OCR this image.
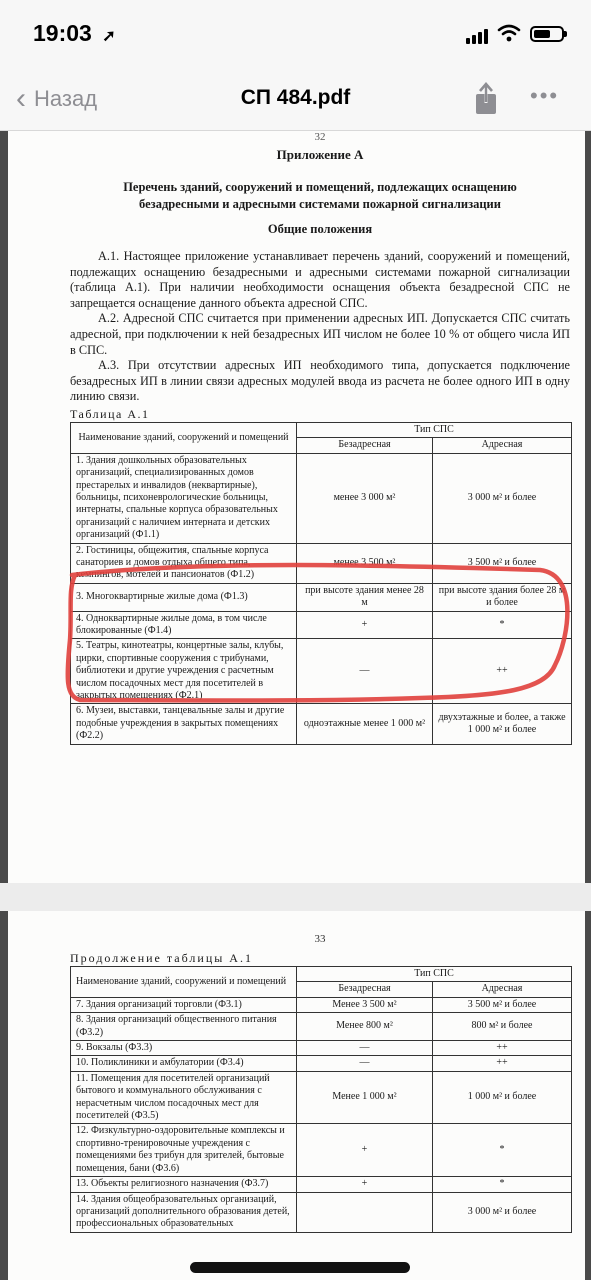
19:03 ➚
‹ Назад	СП 484.pdf	•••
32
Приложение А
Перечень зданий, сооружений и помещений, подлежащих оснащению
безадресными и адресными системами пожарной сигнализации
Общие положения
А.1. Настоящее приложение устанавливает перечень зданий, сооружений и помещений, подлежащих оснащению безадресными и адресными системами пожарной сигнализации (таблица А.1). При наличии необходимости оснащения объекта безадресной СПС не запрещается оснащение данного объекта адресной СПС.
А.2. Адресной СПС считается при применении адресных ИП. Допускается СПС считать адресной, при подключении к ней безадресных ИП числом не более 10 % от общего числа ИП в СПС.
А.3. При отсутствии адресных ИП необходимого типа, допускается подключение безадресных ИП в линии связи адресных модулей ввода из расчета не более одного ИП в одну линию связи.
Таблица А.1
Наименование зданий, сооружений и помещений	Тип СПС	
	Безадресная	Адресная
1. Здания дошкольных образовательных организаций, специализированных домов престарелых и инвалидов (неквартирные), больницы, психоневрологические больницы, интернаты, спальные корпуса образовательных организаций с наличием интерната и детских организаций (Ф1.1)	менее 3 000 м²	3 000 м² и более
2. Гостиницы, общежития, спальные корпуса санаториев и домов отдыха общего типа, кемпингов, мотелей и пансионатов (Ф1.2)	менее 3 500 м²	3 500 м² и более
3. Многоквартирные жилые дома (Ф1.3)	при высоте здания менее 28 м	при высоте здания более 28 м и более
4. Одноквартирные жилые дома, в том числе блокированные (Ф1.4)	+	*
5. Театры, кинотеатры, концертные залы, клубы, цирки, спортивные сооружения с трибунами, библиотеки и другие учреждения с расчетным числом посадочных мест для посетителей в закрытых помещениях (Ф2.1)	—	++
6. Музеи, выставки, танцевальные залы и другие подобные учреждения в закрытых помещениях (Ф2.2)	одноэтажные менее 1 000 м²	двухэтажные и более, а также 1 000 м² и более
33
Продолжение таблицы А.1
Наименование зданий, сооружений и помещений	Тип СПС	
	Безадресная	Адресная
7. Здания организаций торговли (Ф3.1)	Менее 3 500 м²	3 500 м² и более
8. Здания организаций общественного питания (Ф3.2)	Менее 800 м²	800 м² и более
9. Вокзалы (Ф3.3)	—	++
10. Поликлиники и амбулатории (Ф3.4)	—	++
11. Помещения для посетителей организаций бытового и коммунального обслуживания с нерасчетным числом посадочных мест для посетителей (Ф3.5)	Менее 1 000 м²	1 000 м² и более
12. Физкультурно-оздоровительные комплексы и спортивно-тренировочные учреждения с помещениями без трибун для зрителей, бытовые помещения, бани (Ф3.6)	+	*
13. Объекты религиозного назначения (Ф3.7)	+	*
14. Здания общеобразовательных организаций, организаций дополнительного образования детей, профессиональных образовательных		3 000 м² и более
